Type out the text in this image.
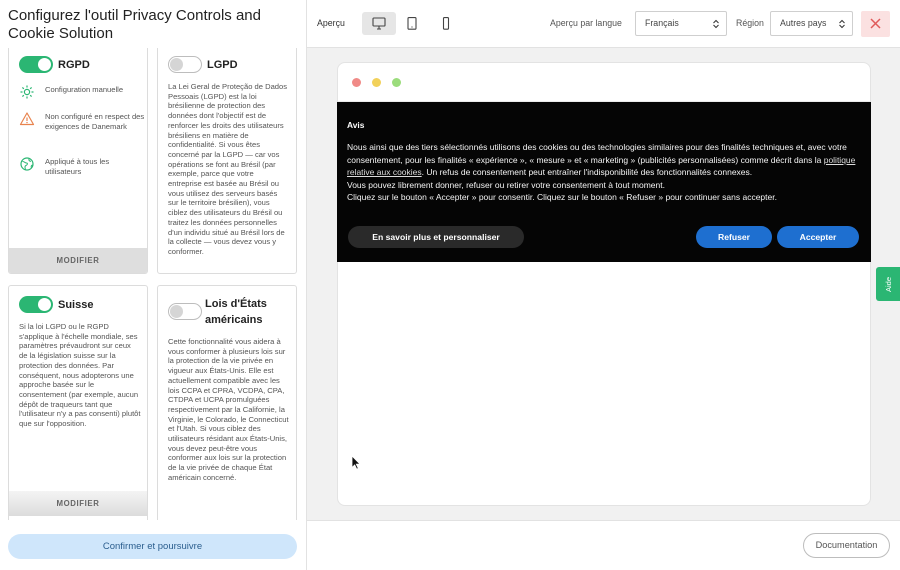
Configurez l'outil Privacy Controls and Cookie Solution
RGPD
Configuration manuelle
Non configuré en respect des exigences de Danemark
Appliqué à tous les utilisateurs
MODIFIER
LGPD
La Lei Geral de Proteção de Dados Pessoais (LGPD) est la loi brésilienne de protection des données dont l'objectif est de renforcer les droits des utilisateurs brésiliens en matière de confidentialité. Si vous êtes concerné par la LGPD — car vos opérations se font au Brésil (par exemple, parce que votre entreprise est basée au Brésil ou vous utilisez des serveurs basés sur le territoire brésilien), vous ciblez des utilisateurs du Brésil ou traitez les données personnelles d'un individu situé au Brésil lors de la collecte — vous devez vous y conformer.
Suisse
Si la loi LGPD ou le RGPD s'applique à l'échelle mondiale, ses paramètres prévaudront sur ceux de la législation suisse sur la protection des données. Par conséquent, nous adopterons une approche basée sur le consentement (par exemple, aucun dépôt de traqueurs tant que l'utilisateur n'y a pas consenti) plutôt que sur l'opposition.
MODIFIER
Lois d'États américains
Cette fonctionnalité vous aidera à vous conformer à plusieurs lois sur la protection de la vie privée en vigueur aux États-Unis. Elle est actuellement compatible avec les lois CCPA et CPRA, VCDPA, CPA, CTDPA et UCPA promulguées respectivement par la Californie, la Virginie, le Colorado, le Connecticut et l'Utah. Si vous ciblez des utilisateurs résidant aux États-Unis, vous devez peut-être vous conformer aux lois sur la protection de la vie privée de chaque État américain concerné.
Confirmer et poursuivre
Aperçu	Aperçu par langue	Français	Région	Autres pays
Avis
Nous ainsi que des tiers sélectionnés utilisons des cookies ou des technologies similaires pour des finalités techniques et, avec votre consentement, pour les finalités « expérience », « mesure » et « marketing » (publicités personnalisées) comme décrit dans la politique relative aux cookies. Un refus de consentement peut entraîner l'indisponibilité des fonctionnalités connexes.
Vous pouvez librement donner, refuser ou retirer votre consentement à tout moment.
Cliquez sur le bouton « Accepter » pour consentir. Cliquez sur le bouton « Refuser » pour continuer sans accepter.
En savoir plus et personnaliser	Refuser	Accepter
Aide
Documentation
